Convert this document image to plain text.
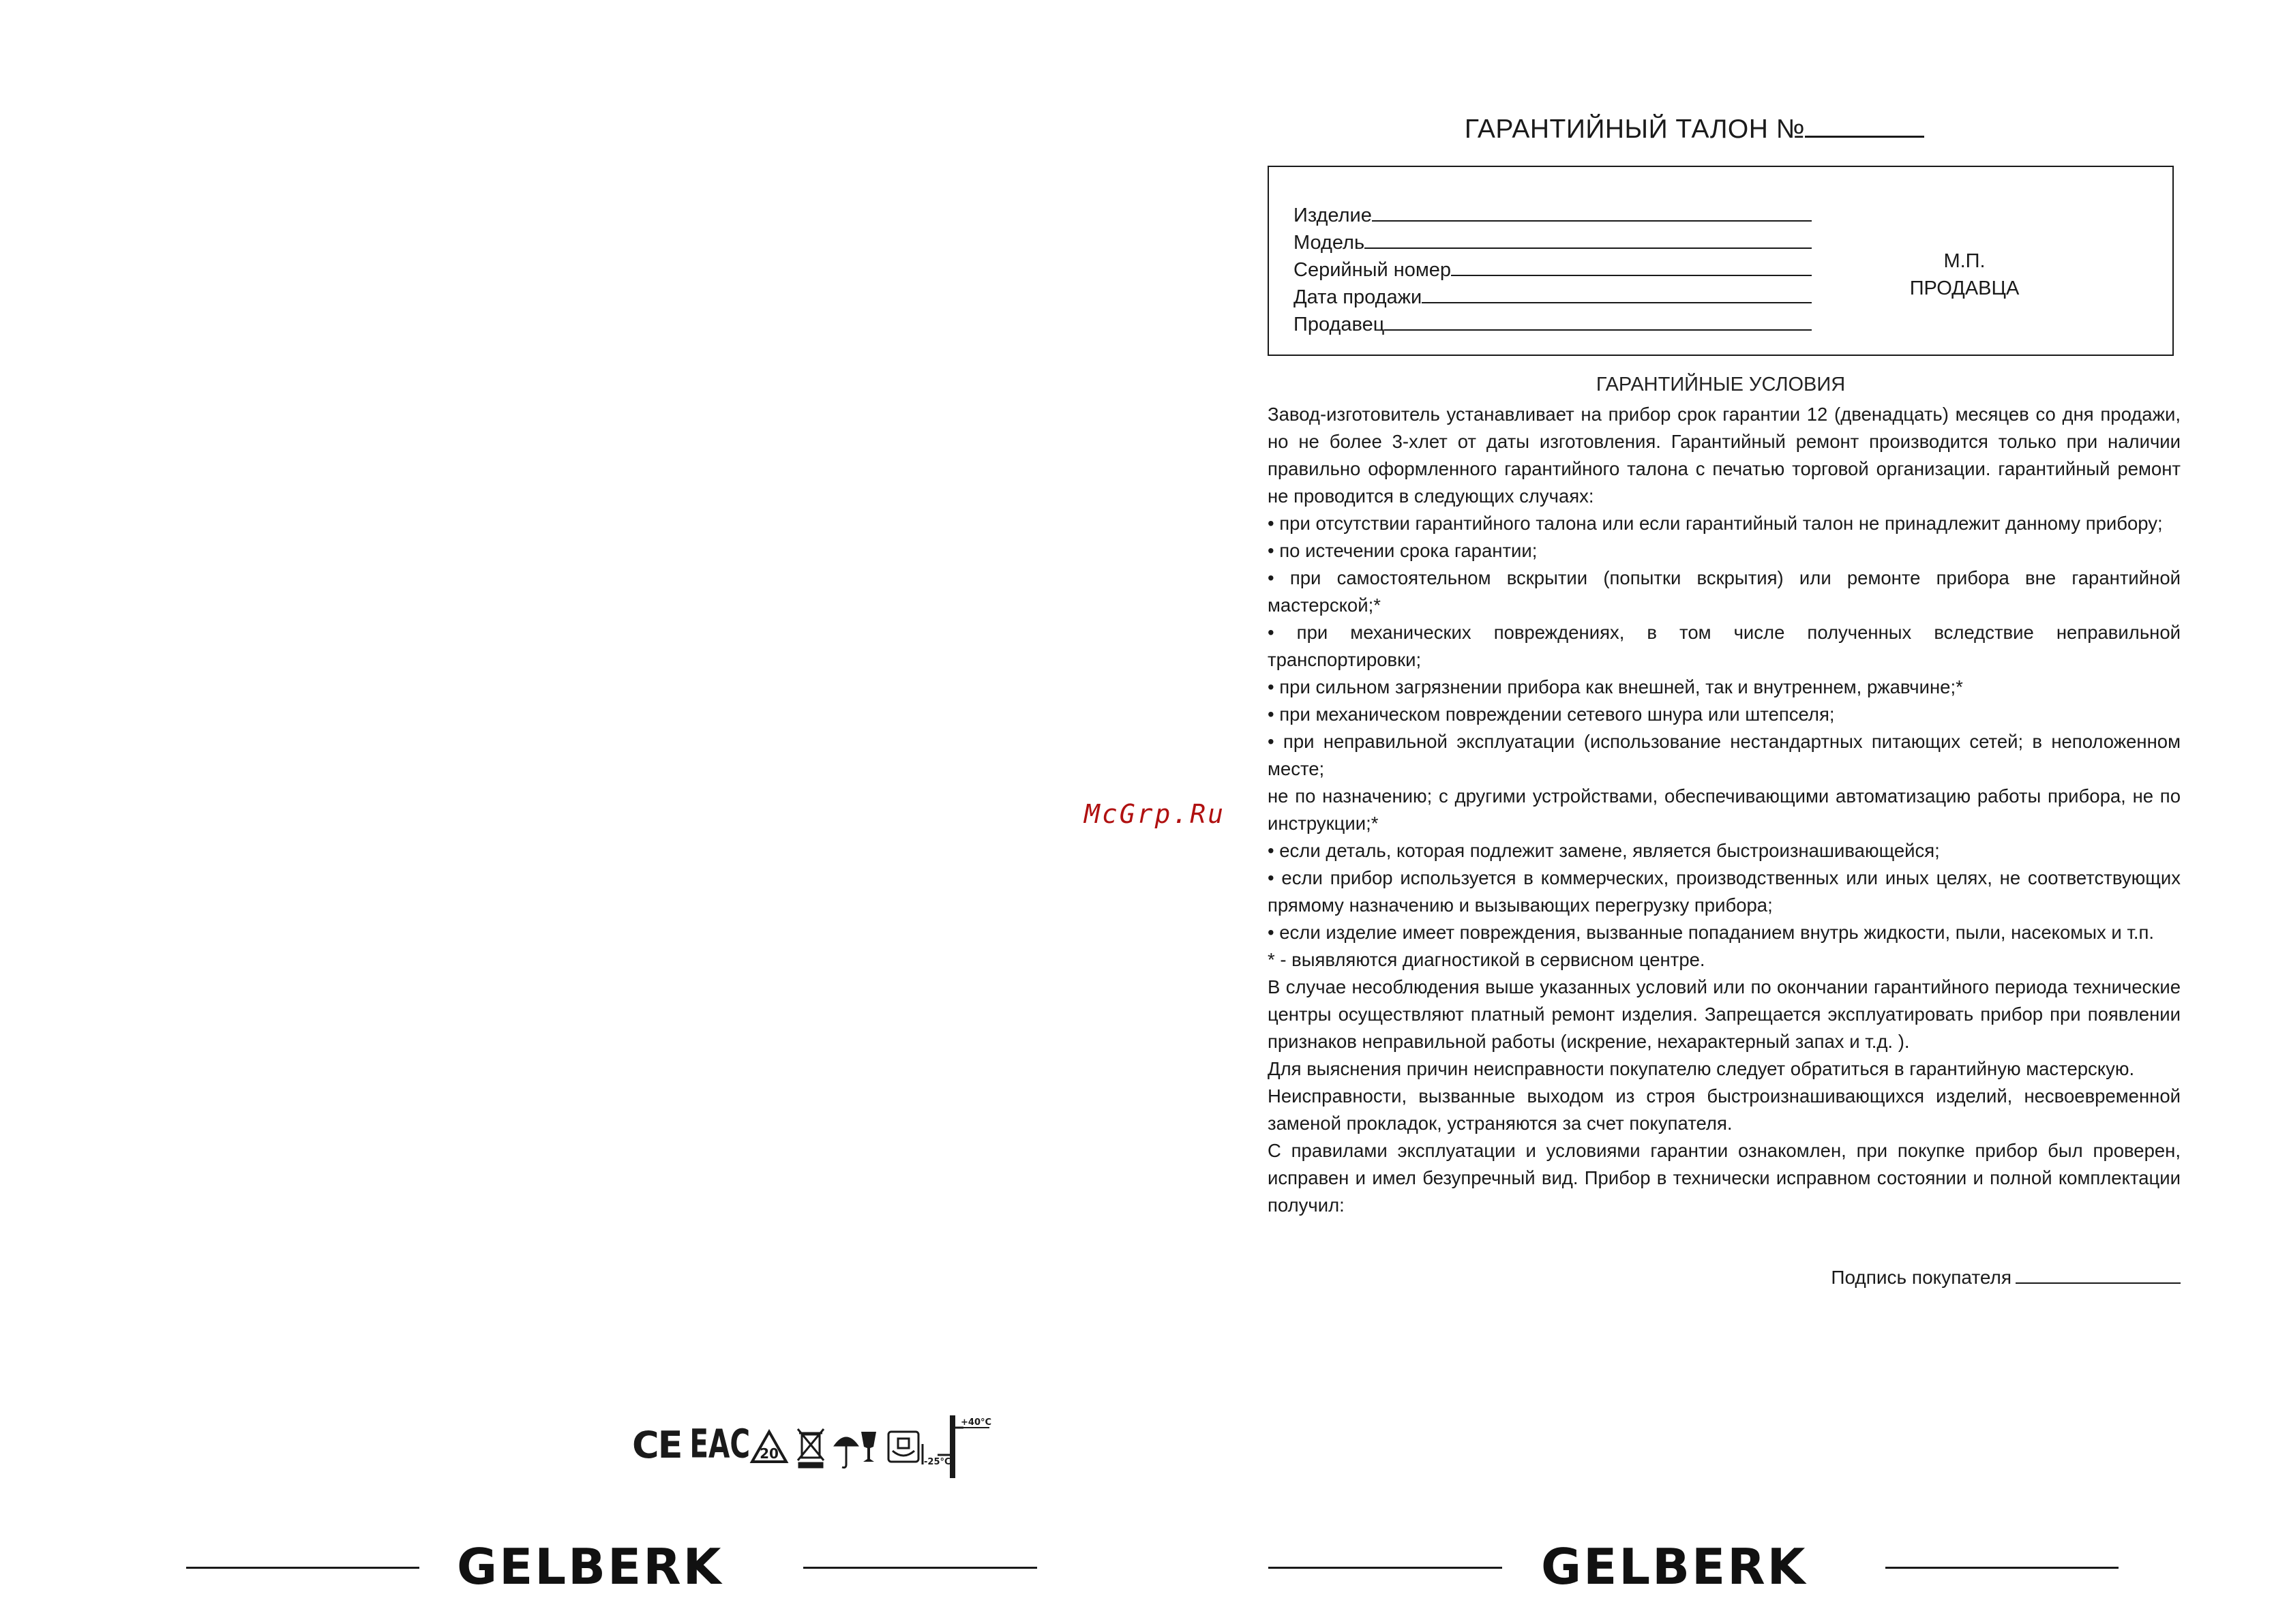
ГАРАНТИЙНЫЙ ТАЛОН №
Изделие
Модель
Серийный номер
Дата продажи
Продавец
М.П.
ПРОДАВЦА
ГАРАНТИЙНЫЕ УСЛОВИЯ

Завод-изготовитель устанавливает на прибор срок гарантии 12 (двенадцать) месяцев со дня продажи, но не более 3-хлет от даты изготовления. Гарантийный ремонт производится только при наличии правильно оформленного гарантийного талона с печатью торговой организации. гарантийный ремонт не проводится в следующих случаях:

• при отсутствии гарантийного талона или если гарантийный талон не принадлежит данному прибору;

• по истечении срока гарантии;

• при самостоятельном вскрытии (попытки вскрытия) или ремонте прибора вне гарантийной мастерской;*

• при механических повреждениях, в том числе полученных вследствие неправильной транспортировки;

• при сильном загрязнении прибора как внешней, так и внутреннем, ржавчине;*

• при механическом повреждении сетевого шнура или штепселя;

• при неправильной эксплуатации (использование нестандартных питающих сетей; в неположенном месте;

не по назначению; с другими устройствами, обеспечивающими автоматизацию работы прибора, не по инструкции;*

• если деталь, которая подлежит замене, является быстроизнашивающейся;

• если прибор используется в коммерческих, производственных или иных целях, не соответствующих прямому назначению и вызывающих перегрузку прибора;

• если изделие имеет повреждения, вызванные попаданием внутрь жидкости, пыли, насекомых и т.п.

* - выявляются диагностикой в сервисном центре.

В случае несоблюдения выше указанных условий или по окончании гарантийного периода технические центры осуществляют платный ремонт изделия. Запрещается эксплуатировать прибор при появлении признаков неправильной работы (искрение, нехарактерный запах и т.д. ).

Для выяснения причин неисправности покупателю следует обратиться в гарантийную мастерскую.

Неисправности, вызванные выходом из строя быстроизнашивающихся изделий, несвоевременной заменой прокладок, устраняются за счет покупателя.

С правилами эксплуатации и условиями гарантии ознакомлен, при покупке прибор был проверен, исправен и имел безупречный вид. Прибор в технически исправном состоянии и полной комплектации получил:

Подпись покупателя
McGrp.Ru
CE EAC 20
+40°C
-25°C
GELBERK	GELBERK
